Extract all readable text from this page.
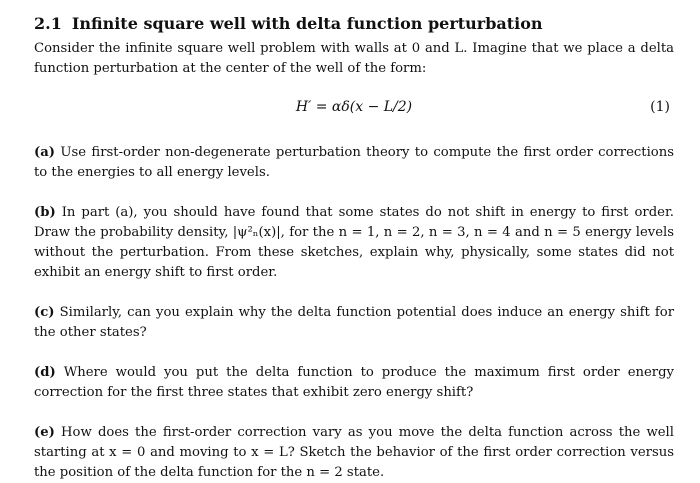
2.1 Infinite square well with delta function perturbation

Consider the infinite square well problem with walls at 0 and L. Imagine that we place a delta function perturbation at the center of the well of the form:

H′ = αδ(x − L/2)	(1)

(a) Use first-order non-degenerate perturbation theory to compute the first order corrections to the energies to all energy levels.

(b) In part (a), you should have found that some states do not shift in energy to first order. Draw the probability density, |ψ²ₙ(x)|, for the n = 1, n = 2, n = 3, n = 4 and n = 5 energy levels without the perturbation. From these sketches, explain why, physically, some states did not exhibit an energy shift to first order.

(c) Similarly, can you explain why the delta function potential does induce an energy shift for the other states?

(d) Where would you put the delta function to produce the maximum first order energy correction for the first three states that exhibit zero energy shift?

(e) How does the first-order correction vary as you move the delta function across the well starting at x = 0 and moving to x = L? Sketch the behavior of the first order correction versus the position of the delta function for the n = 2 state.
